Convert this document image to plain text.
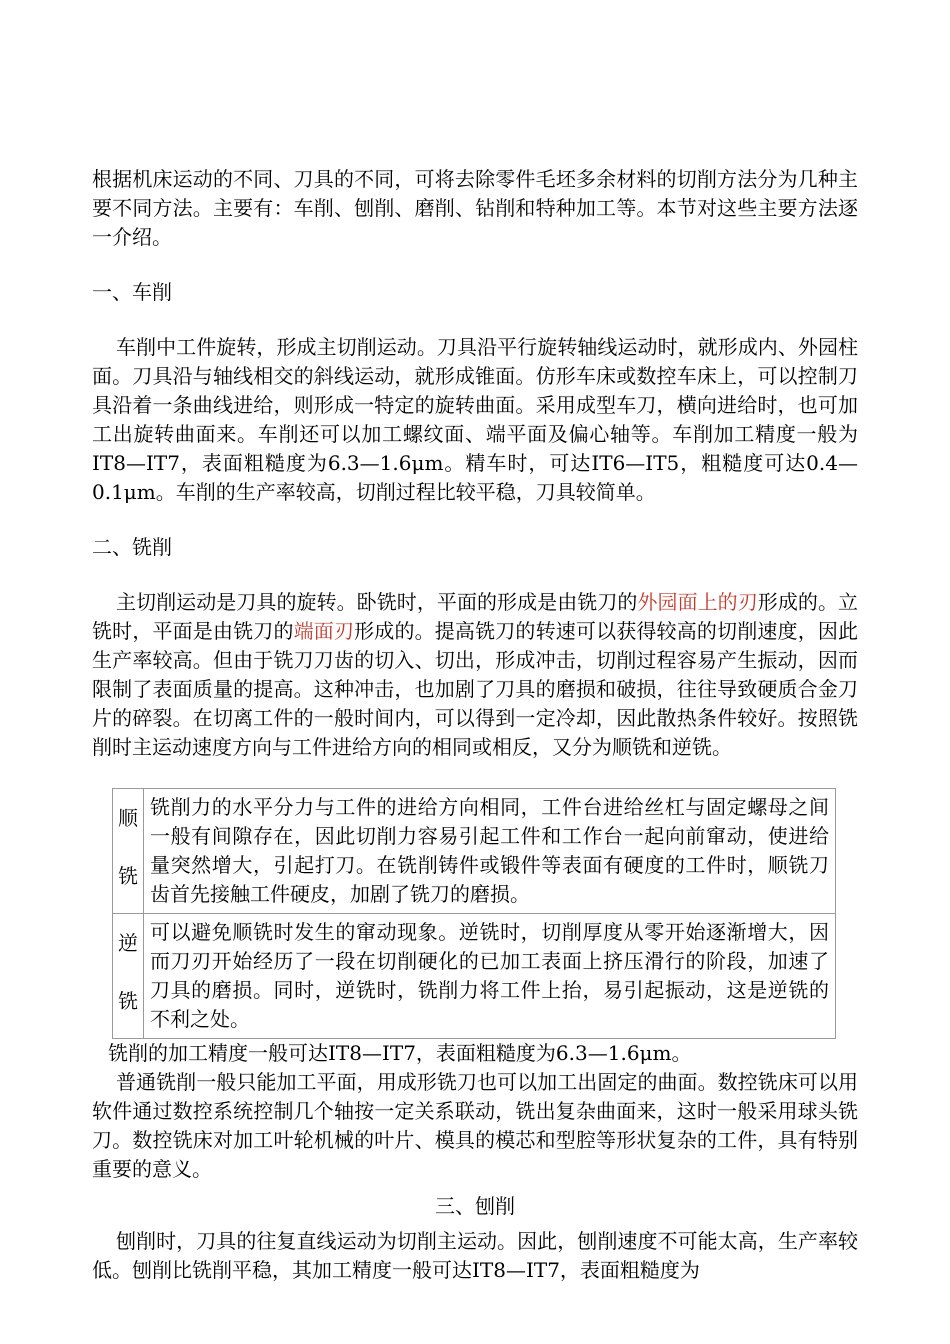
根据机床运动的不同、刀具的不同，可将去除零件毛坯多余材料的切削方法分为几种主要不同方法。主要有：车削、刨削、磨削、钻削和特种加工等。本节对这些主要方法逐一介绍。

一、车削

车削中工件旋转，形成主切削运动。刀具沿平行旋转轴线运动时，就形成内、外园柱面。刀具沿与轴线相交的斜线运动，就形成锥面。仿形车床或数控车床上，可以控制刀具沿着一条曲线进给，则形成一特定的旋转曲面。采用成型车刀，横向进给时，也可加工出旋转曲面来。车削还可以加工螺纹面、端平面及偏心轴等。车削加工精度一般为IT8—IT7，表面粗糙度为6.3—1.6μm。精车时，可达IT6—IT5，粗糙度可达0.4—0.1μm。车削的生产率较高，切削过程比较平稳，刀具较简单。

二、铣削

主切削运动是刀具的旋转。卧铣时，平面的形成是由铣刀的外园面上的刃形成的。立铣时，平面是由铣刀的端面刃形成的。提高铣刀的转速可以获得较高的切削速度，因此生产率较高。但由于铣刀刀齿的切入、切出，形成冲击，切削过程容易产生振动，因而限制了表面质量的提高。这种冲击，也加剧了刀具的磨损和破损，往往导致硬质合金刀片的碎裂。在切离工件的一般时间内，可以得到一定冷却，因此散热条件较好。按照铣削时主运动速度方向与工件进给方向的相同或相反，又分为顺铣和逆铣。

顺铣	铣削力的水平分力与工件的进给方向相同，工件台进给丝杠与固定螺母之间一般有间隙存在，因此切削力容易引起工件和工作台一起向前窜动，使进给量突然增大，引起打刀。在铣削铸件或锻件等表面有硬度的工件时，顺铣刀齿首先接触工件硬皮，加剧了铣刀的磨损。
逆铣	可以避免顺铣时发生的窜动现象。逆铣时，切削厚度从零开始逐渐增大，因而刀刃开始经历了一段在切削硬化的已加工表面上挤压滑行的阶段，加速了刀具的磨损。同时，逆铣时，铣削力将工件上抬，易引起振动，这是逆铣的不利之处。

铣削的加工精度一般可达IT8—IT7，表面粗糙度为6.3—1.6μm。

普通铣削一般只能加工平面，用成形铣刀也可以加工出固定的曲面。数控铣床可以用软件通过数控系统控制几个轴按一定关系联动，铣出复杂曲面来，这时一般采用球头铣刀。数控铣床对加工叶轮机械的叶片、模具的模芯和型腔等形状复杂的工件，具有特别重要的意义。

三、刨削

刨削时，刀具的往复直线运动为切削主运动。因此，刨削速度不可能太高，生产率较低。刨削比铣削平稳，其加工精度一般可达IT8—IT7，表面粗糙度为
